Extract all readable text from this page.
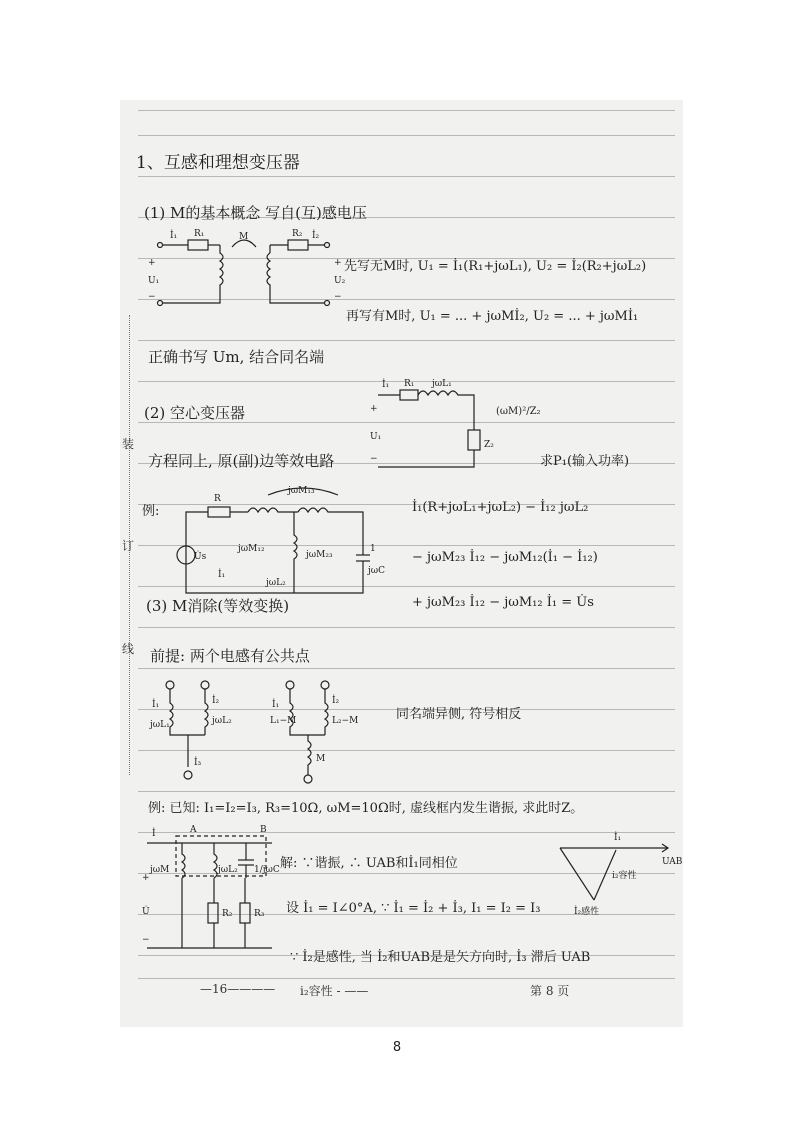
装
订
线
1、互感和理想变压器
(1) M的基本概念 写自(互)感电压
先写无M时, U₁ = İ₁(R₁+jωL₁), U₂ = İ₂(R₂+jωL₂)
再写有M时, U₁ = ... + jωMİ₂, U₂ = ... + jωMİ₁
正确书写 Um, 结合同名端
(2) 空心变压器	(ωM)²/Z₂
求P₁(输入功率)
方程同上, 原(副)边等效电路
例:	İ₁(R+jωL₁+jωL₂) − İ₁₂ jωL₂
− jωM₂₃ İ₁₂ − jωM₁₂(İ₁ − İ₁₂)
+ jωM₂₃ İ₁₂ − jωM₁₂ İ₁ = U̇s
(3) M消除(等效变换)
前提: 两个电感有公共点
同名端异侧, 符号相反
例: 已知: I₁=I₂=I₃, R₃=10Ω, ωM=10Ω时, 虚线框内发生谐振, 求此时Z。
解: ∵谐振, ∴ UAB和İ₁同相位
设 İ₁ = I∠0°A, ∵ İ₁ = İ₂ + İ₃, I₁ = I₂ = I₃
∵ İ₂是感性, 当 İ₂和UAB是是矢方向时, İ₃ 滞后 UAB
M
R₁	R₂
İ₁	İ₂
+
U₁
−
+
U₂
−
İ₁ R₁ jωL₁
+
U₁
−
Z₂
R
jωM₁₃
jωM₁₂
jωM₂₃
1
jωC
U̇s
İ₁
jωL₂
İ₁	İ₂
jωL₁	jωL₂
İ₃
İ₁	İ₂
L₁−M	L₂−M
M
İ	A	B
jωM	jωL₂ 1/jωC
+
U̇
−
R₂ R₃
İ₁
UAB
i₂容性
İ₂感性
—16———— i₂容性 - ——	第 8 页
8
